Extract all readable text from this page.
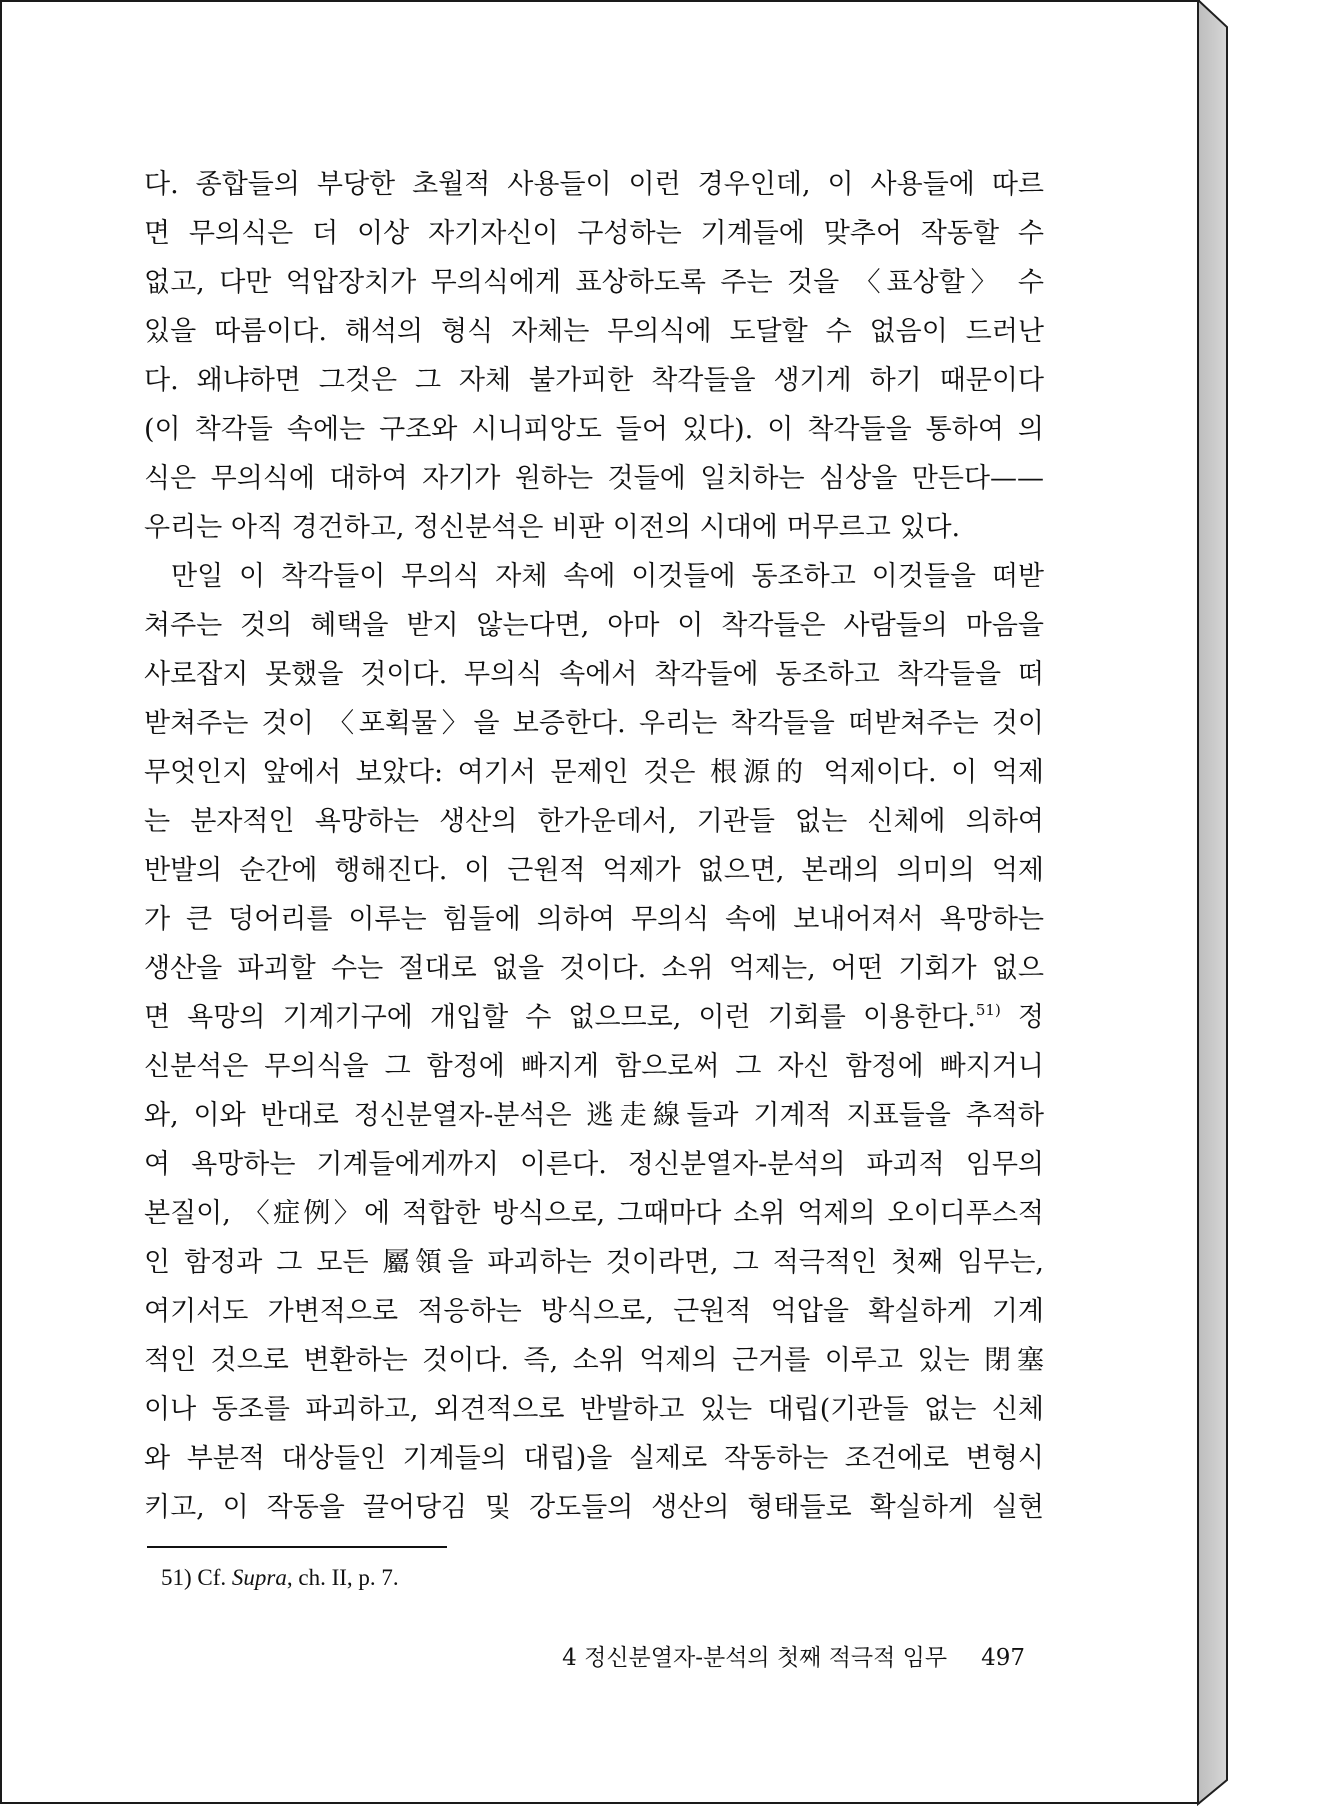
다. 종합들의 부당한 초월적 사용들이 이런 경우인데, 이 사용들에 따르
면 무의식은 더 이상 자기자신이 구성하는 기계들에 맞추어 작동할 수
없고, 다만 억압장치가 무의식에게 표상하도록 주는 것을 〈표상할〉 수
있을 따름이다. 해석의 형식 자체는 무의식에 도달할 수 없음이 드러난
다. 왜냐하면 그것은 그 자체 불가피한 착각들을 생기게 하기 때문이다
(이 착각들 속에는 구조와 시니피앙도 들어 있다). 이 착각들을 통하여 의
식은 무의식에 대하여 자기가 원하는 것들에 일치하는 심상을 만든다——
우리는 아직 경건하고, 정신분석은 비판 이전의 시대에 머무르고 있다.
만일 이 착각들이 무의식 자체 속에 이것들에 동조하고 이것들을 떠받
쳐주는 것의 혜택을 받지 않는다면, 아마 이 착각들은 사람들의 마음을
사로잡지 못했을 것이다. 무의식 속에서 착각들에 동조하고 착각들을 떠
받쳐주는 것이 〈포획물〉을 보증한다. 우리는 착각들을 떠받쳐주는 것이
무엇인지 앞에서 보았다: 여기서 문제인 것은 根源的 억제이다. 이 억제
는 분자적인 욕망하는 생산의 한가운데서, 기관들 없는 신체에 의하여
반발의 순간에 행해진다. 이 근원적 억제가 없으면, 본래의 의미의 억제
가 큰 덩어리를 이루는 힘들에 의하여 무의식 속에 보내어져서 욕망하는
생산을 파괴할 수는 절대로 없을 것이다. 소위 억제는, 어떤 기회가 없으
면 욕망의 기계기구에 개입할 수 없으므로, 이런 기회를 이용한다.$^{51)}$ 정
신분석은 무의식을 그 함정에 빠지게 함으로써 그 자신 함정에 빠지거니
와, 이와 반대로 정신분열자-분석은 逃走線들과 기계적 지표들을 추적하
여 욕망하는 기계들에게까지 이른다. 정신분열자-분석의 파괴적 임무의
본질이, 〈症例〉에 적합한 방식으로, 그때마다 소위 억제의 오이디푸스적
인 함정과 그 모든 屬領을 파괴하는 것이라면, 그 적극적인 첫째 임무는,
여기서도 가변적으로 적응하는 방식으로, 근원적 억압을 확실하게 기계
적인 것으로 변환하는 것이다. 즉, 소위 억제의 근거를 이루고 있는 閉塞
이나 동조를 파괴하고, 외견적으로 반발하고 있는 대립(기관들 없는 신체
와 부분적 대상들인 기계들의 대립)을 실제로 작동하는 조건에로 변형시
키고, 이 작동을 끌어당김 및 강도들의 생산의 형태들로 확실하게 실현
51) Cf. Supra, ch. II, p. 7.
4 정신분열자-분석의 첫째 적극적 임무 497
